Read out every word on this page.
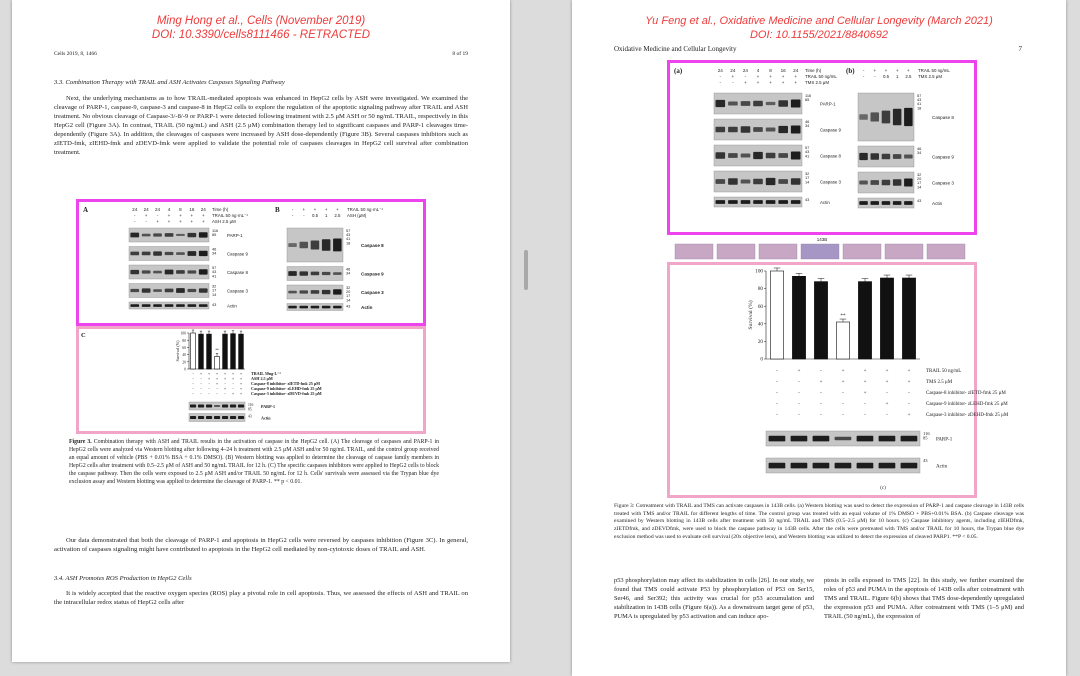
Ming Hong et al., Cells (November 2019)
DOI: 10.3390/cells8111466 - RETRACTED
Cells 2019, 8, 1466	8 of 19
3.3. Combination Therapy with TRAIL and ASH Activates Caspases Signaling Pathway
Next, the underlying mechanisms as to how TRAIL-mediated apoptosis was enhanced in HepG2 cells by ASH were investigated. We examined the cleavage of PARP-1, caspase-9, caspase-3 and caspase-8 in HepG2 cells to explore the regulation of the apoptotic signaling pathway after TRAIL and ASH treatment. No obvious cleavage of Caspase-3/-8/-9 or PARP-1 were detected following treatment with 2.5 μM ASH or 50 ng/mL TRAIL, respectively in this HepG2 cell (Figure 3A). In contrast, TRAIL (50 ng/mL) and ASH (2.5 μM) combination therapy led to significant caspases and PARP-1 cleavages time-dependently (Figure 3A). In addition, the cleavages of caspases were increased by ASH dose-dependently (Figure 3B). Several caspases inhibitors such as zIETD-fmk, zIEHD-fmk and zDEVD-fmk were applied to validate the potential role of caspases cleavages in HepG2 cell survival after combination treatment.
A	24 24 24 4 8 16 24 Time (h)
- + - + + + + TRAIL 50 ng·mL⁻¹
- - + + + + + ASH 2.5 μM
116
85 PARP-1
46
34 Caspase 9
57
43
41
Caspase 8
32
17
14
Caspase 3
43 Actin
B	- + + + + TRAIL 50 ng·mL⁻¹
- - 0.5 1 2.5 ASH (μM)
57
43
41
18
Caspase 8
46
34 Caspase 9
32
20
17
14
Caspase 3
43 Actin
C	100
80
60
40
20
0
Survival (%)	**
- + + + + + + TRAIL 50ng·L⁻¹
- - + + + + + ASH 2.5 μM
- - - + - - + Caspase-8 inhibitor- zIETD-fmk 25 μM
- - - - + - + Caspase-9 inhibitor- zLEHD-fmk 25 μM
- - - - - + + Caspase-3 inhibitor- zDEVD-fmk 25 μM
116
85
PARP-1
43 Actin
Figure 3. Combination therapy with ASH and TRAIL results in the activation of caspase in the HepG2 cell. (A) The cleavage of caspases and PARP-1 in HepG2 cells were analyzed via Western blotting after following 4–24 h treatment with 2.5 μM ASH and/or 50 ng/mL TRAIL, and the control group received an equal amount of vehicle (PBS + 0.01% BSA + 0.1% DMSO). (B) Western blotting was applied to determine the cleavage of caspase family members in HepG2 cells after treatment with 0.5–2.5 μM of ASH and 50 ng/mL TRAIL for 12 h. (C) The specific caspases inhibitors were applied to HepG2 cells to block the caspase pathway. Then the cells were exposed to 2.5 μM ASH and/or TRAIL 50 ng/mL for 12 h. Cells' survivals were assessed via the Trypan blue dye exclusion assay and Western blotting was applied to determine the cleavage of PARP-1. ** p < 0.01.
Our data demonstrated that both the cleavage of PARP-1 and apoptosis in HepG2 cells were reversed by caspases inhibition (Figure 3C). In general, activation of caspases signaling might have contributed to apoptosis in the HepG2 cell mediated by non-cytotoxic doses of TRAIL and ASH.
3.4. ASH Promotes ROS Production in HepG2 Cells
It is widely accepted that the reactive oxygen species (ROS) play a pivotal role in cell apoptosis. Thus, we assessed the effects of ASH and TRAIL on the intracellular redox status of HepG2 cells after
Yu Feng et al., Oxidative Medicine and Cellular Longevity (March 2021)
DOI: 10.1155/2021/8840692
Oxidative Medicine and Cellular Longevity	7
(a)	24 24 24 4 8 16 24 Time (h)
- + - + + + + TRAIL 50 ng/mL
- - + + + + + TMS 2.5 μM
116
85
PARP-1
46
34
Caspase 9
57
43
41 Caspase 8
32
17
14 Caspase 3
43
Actin
(b) - + + + + TRAIL 50 ng/mL
- - 0.5 1 2.5 TMS 2.5 μM
57
43
41
18
Caspase 8
46
34
Caspase 9
32
20
17
14
Caspase 3
43
Actin
143B
100
80
60
40
20
0
Survival (%)	**
-	+	-	+	+	+	+	TRAIL 50 ng/mL
-	-	+	+	+	+	+	TMS 2.5 μM
-	-	-	-	+	-	-	Caspase-8 inhibitor- zIETD-fmk 25 μM
-	-	-	-	-	+	-	Caspase-9 inhibitor- zLEHD-fmk 25 μM
-	-	-	-	-	-	+	Caspase-3 inhibitor- zDEHD-fmk 25 μM
116
85 PARP-1
43
Actin
(c)
Figure 3: Cotreatment with TRAIL and TMS can activate caspases in 143B cells. (a) Western blotting was used to detect the expression of PARP-1 and caspase cleavage in 143B cells treated with TMS and/or TRAIL for different lengths of time. The control group was treated with an equal volume of 1% DMSO + PBS+0.01% BSA. (b) Caspase cleavage was examined by Western blotting in 143B cells after treatment with 50 ng/mL TRAIL and TMS (0.5–2.5 μM) for 10 hours. (c) Caspase inhibitory agents, including zIEHDfmk, zIETDfmk, and zDEVDfmk, were used to block the caspase pathway in 143B cells. After the cells were pretreated with TMS and/or TRAIL for 10 hours, the Trypan blue dye exclusion method was used to evaluate cell survival (20x objective lens), and Western blotting was utilized to detect the expression of cleaved PARP1. **P < 0.05.
p53 phosphorylation may affect its stabilization in cells [26]. In our study, we found that TMS could activate P53 by phosphorylation of P53 on Ser15, Ser46, and Ser392; this activity was crucial for p53 accumulation and stabilization in 143B cells (Figure 6(a)). As a downstream target gene of p53, PUMA is upregulated by p53 activation and can induce apo-
ptosis in cells exposed to TMS [22]. In this study, we further examined the roles of p53 and PUMA in the apoptosis of 143B cells after cotreatment with TMS and TRAIL. Figure 6(b) shows that TMS dose-dependently upregulated the expression p53 and PUMA. After cotreatment with TMS (1–5 μM) and TRAIL (50 ng/mL), the expression of
